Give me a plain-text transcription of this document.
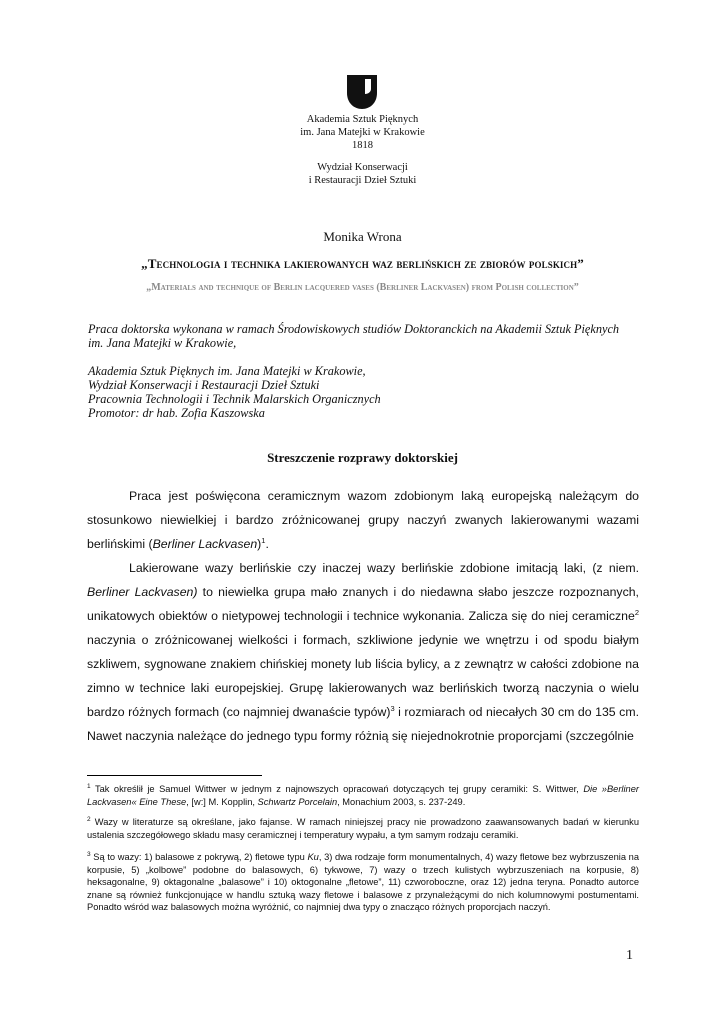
Akademia Sztuk Pięknych
im. Jana Matejki w Krakowie
1818
Wydział Konserwacji
i Restauracji Dzieł Sztuki
Monika Wrona
„Technologia i technika lakierowanych waz berlińskich ze zbiorów polskich”
„Materials and technique of Berlin lacquered vases (Berliner Lackvasen) from Polish collection”
Praca doktorska wykonana w ramach Środowiskowych studiów Doktoranckich na Akademii Sztuk Pięknych
im. Jana Matejki w Krakowie,
Akademia Sztuk Pięknych im. Jana Matejki w Krakowie,
Wydział Konserwacji i Restauracji Dzieł Sztuki
Pracownia Technologii i Technik Malarskich Organicznych
Promotor: dr hab. Zofia Kaszowska
Streszczenie rozprawy doktorskiej

Praca jest poświęcona ceramicznym wazom zdobionym laką europejską należącym do stosunkowo niewielkiej i bardzo zróżnicowanej grupy naczyń zwanych lakierowanymi wazami berlińskimi (Berliner Lackvasen)$^1$.

Lakierowane wazy berlińskie czy inaczej wazy berlińskie zdobione imitacją laki, (z niem. Berliner Lackvasen) to niewielka grupa mało znanych i do niedawna słabo jeszcze rozpoznanych, unikatowych obiektów o nietypowej technologii i technice wykonania. Zalicza się do niej ceramiczne$^2$ naczynia o zróżnicowanej wielkości i formach, szkliwione jedynie we wnętrzu i od spodu białym szkliwem, sygnowane znakiem chińskiej monety lub liścia bylicy, a z zewnątrz w całości zdobione na zimno w technice laki europejskiej. Grupę lakierowanych waz berlińskich tworzą naczynia o wielu bardzo różnych formach (co najmniej dwanaście typów)$^3$ i rozmiarach od niecałych 30 cm do 135 cm. Nawet naczynia należące do jednego typu formy różnią się niejednokrotnie proporcjami (szczególnie

$^1$ Tak określił je Samuel Wittwer w jednym z najnowszych opracowań dotyczących tej grupy ceramiki: S. Wittwer, Die »Berliner Lackvasen« Eine These, [w:] M. Kopplin, Schwartz Porcelain, Monachium 2003, s. 237-249.
$^2$ Wazy w literaturze są określane, jako fajanse. W ramach niniejszej pracy nie prowadzono zaawansowanych badań w kierunku ustalenia szczegółowego składu masy ceramicznej i temperatury wypału, a tym samym rodzaju ceramiki.
$^3$ Są to wazy: 1) balasowe z pokrywą, 2) fletowe typu Ku, 3) dwa rodzaje form monumentalnych, 4) wazy fletowe bez wybrzuszenia na korpusie, 5) „kolbowe” podobne do balasowych, 6) tykwowe, 7) wazy o trzech kulistych wybrzuszeniach na korpusie, 8) heksagonalne, 9) oktagonalne „balasowe” i 10) oktogonalne „fletowe”, 11) czworoboczne, oraz 12) jedna teryna. Ponadto autorce znane są również funkcjonujące w handlu sztuką wazy fletowe i balasowe z przynależącymi do nich kolumnowymi postumentami. Ponadto wśród waz balasowych można wyróżnić, co najmniej dwa typy o znacząco różnych proporcjach naczyń.
1
